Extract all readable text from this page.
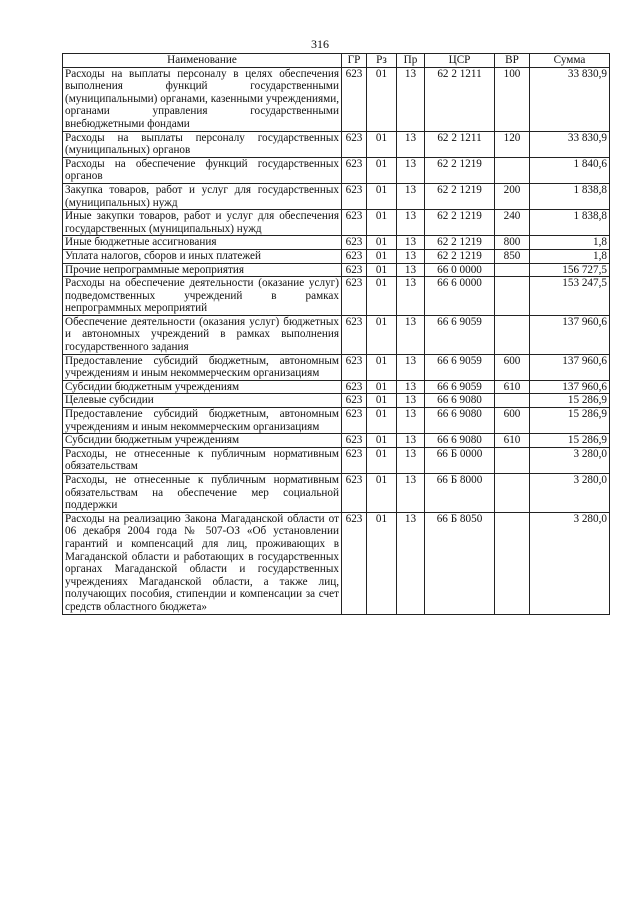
316
Наименование	ГР	Рз	Пр	ЦСР	ВР	Сумма
Расходы на выплаты персоналу в целях обеспечения выполнения функций государственными (муниципальными) органами, казенными учреждениями, органами управления государственными внебюджетными фондами	623	01	13	62 2 1211	100	33 830,9
Расходы на выплаты персоналу государственных (муниципальных) органов	623	01	13	62 2 1211	120	33 830,9
Расходы на обеспечение функций государственных органов	623	01	13	62 2 1219		1 840,6
Закупка товаров, работ и услуг для государственных (муниципальных) нужд	623	01	13	62 2 1219	200	1 838,8
Иные закупки товаров, работ и услуг для обеспечения государственных (муниципальных) нужд	623	01	13	62 2 1219	240	1 838,8
Иные бюджетные ассигнования	623	01	13	62 2 1219	800	1,8
Уплата налогов, сборов и иных платежей	623	01	13	62 2 1219	850	1,8
Прочие непрограммные мероприятия	623	01	13	66 0 0000		156 727,5
Расходы на обеспечение деятельности (оказание услуг) подведомственных учреждений в рамках непрограммных мероприятий	623	01	13	66 6 0000		153 247,5
Обеспечение деятельности (оказания услуг) бюджетных и автономных учреждений в рамках выполнения государственного задания	623	01	13	66 6 9059		137 960,6
Предоставление субсидий бюджетным, автономным учреждениям и иным некоммерческим организациям	623	01	13	66 6 9059	600	137 960,6
Субсидии бюджетным учреждениям	623	01	13	66 6 9059	610	137 960,6
Целевые субсидии	623	01	13	66 6 9080		15 286,9
Предоставление субсидий бюджетным, автономным учреждениям и иным некоммерческим организациям	623	01	13	66 6 9080	600	15 286,9
Субсидии бюджетным учреждениям	623	01	13	66 6 9080	610	15 286,9
Расходы, не отнесенные к публичным нормативным обязательствам	623	01	13	66 Б 0000		3 280,0
Расходы, не отнесенные к публичным нормативным обязательствам на обеспечение мер социальной поддержки	623	01	13	66 Б 8000		3 280,0
Расходы на реализацию Закона Магаданской области от 06 декабря 2004 года № 507-ОЗ «Об установлении гарантий и компенсаций для лиц, проживающих в Магаданской области и работающих в государственных органах Магаданской области и государственных учреждениях Магаданской области, а также лиц, получающих пособия, стипендии и компенсации за счет средств областного бюджета»	623	01	13	66 Б 8050		3 280,0
